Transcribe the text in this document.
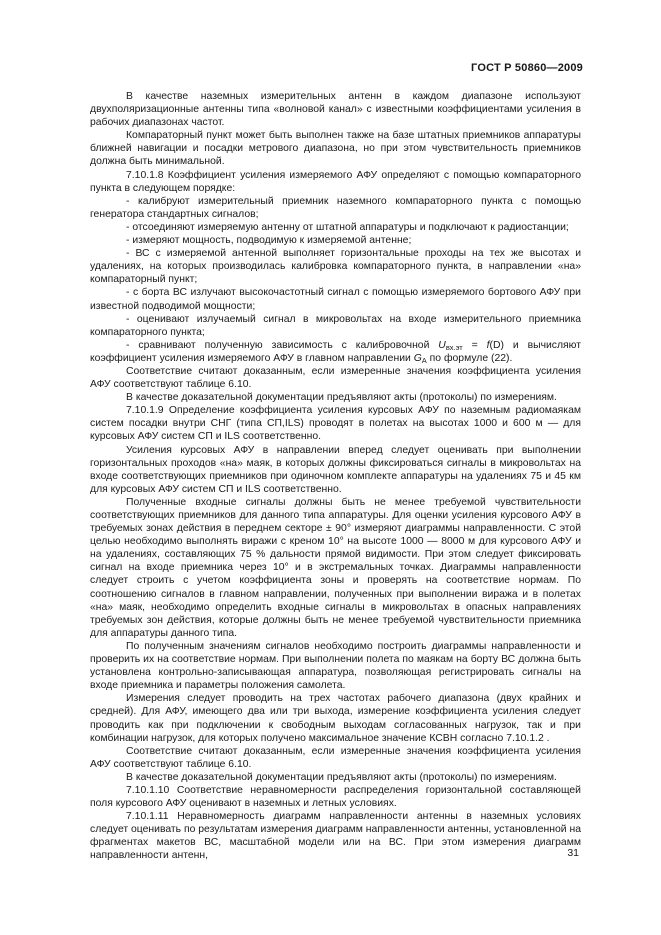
ГОСТ Р 50860—2009

В качестве наземных измерительных антенн в каждом диапазоне используют двухполяризационные антенны типа «волновой канал» с известными коэффициентами усиления в рабочих диапазонах частот.

Компараторный пункт может быть выполнен также на базе штатных приемников аппаратуры ближней навигации и посадки метрового диапазона, но при этом чувствительность приемников должна быть минимальной.

7.10.1.8 Коэффициент усиления измеряемого АФУ определяют с помощью компараторного пункта в следующем порядке:

- калибруют измерительный приемник наземного компараторного пункта с помощью генератора стандартных сигналов;

- отсоединяют измеряемую антенну от штатной аппаратуры и подключают к радиостанции;

- измеряют мощность, подводимую к измеряемой антенне;

- ВС с измеряемой антенной выполняет горизонтальные проходы на тех же высотах и удалениях, на которых производилась калибровка компараторного пункта, в направлении «на» компараторный пункт;

- с борта ВС излучают высокочастотный сигнал с помощью измеряемого бортового АФУ при известной подводимой мощности;

- оценивают излучаемый сигнал в микровольтах на входе измерительного приемника компараторного пункта;

- сравнивают полученную зависимость с калибровочной $U_{вх.эт} = f(D)$ и вычисляют коэффициент усиления измеряемого АФУ в главном направлении $G_A$ по формуле (22).

Соответствие считают доказанным, если измеренные значения коэффициента усиления АФУ соответствуют таблице 6.10.

В качестве доказательной документации предъявляют акты (протоколы) по измерениям.

7.10.1.9 Определение коэффициента усиления курсовых АФУ по наземным радиомаякам систем посадки внутри СНГ (типа СП,ILS) проводят в полетах на высотах 1000 и 600 м — для курсовых АФУ систем СП и ILS соответственно.

Усиления курсовых АФУ в направлении вперед следует оценивать при выполнении горизонтальных проходов «на» маяк, в которых должны фиксироваться сигналы в микровольтах на входе соответствующих приемников при одиночном комплекте аппаратуры на удалениях 75 и 45 км для курсовых АФУ систем СП и ILS соответственно.

Полученные входные сигналы должны быть не менее требуемой чувствительности соответствующих приемников для данного типа аппаратуры. Для оценки усиления курсового АФУ в требуемых зонах действия в переднем секторе ± 90° измеряют диаграммы направленности. С этой целью необходимо выполнять виражи с креном 10° на высоте 1000 — 8000 м для курсового АФУ и на удалениях, составляющих 75 % дальности прямой видимости. При этом следует фиксировать сигнал на входе приемника через 10° и в экстремальных точках. Диаграммы направленности следует строить с учетом коэффициента зоны и проверять на соответствие нормам. По соотношению сигналов в главном направлении, полученных при выполнении виража и в полетах «на» маяк, необходимо определить входные сигналы в микровольтах в опасных направлениях требуемых зон действия, которые должны быть не менее требуемой чувствительности приемника для аппаратуры данного типа.

По полученным значениям сигналов необходимо построить диаграммы направленности и проверить их на соответствие нормам. При выполнении полета по маякам на борту ВС должна быть установлена контрольно-записывающая аппаратура, позволяющая регистрировать сигналы на входе приемника и параметры положения самолета.

Измерения следует проводить на трех частотах рабочего диапазона (двух крайних и средней). Для АФУ, имеющего два или три выхода, измерение коэффициента усиления следует проводить как при подключении к свободным выходам согласованных нагрузок, так и при комбинации нагрузок, для которых получено максимальное значение КСВН согласно 7.10.1.2 .

Соответствие считают доказанным, если измеренные значения коэффициента усиления АФУ соответствуют таблице 6.10.

В качестве доказательной документации предъявляют акты (протоколы) по измерениям.

7.10.1.10 Соответствие неравномерности распределения горизонтальной составляющей поля курсового АФУ оценивают в наземных и летных условиях.

7.10.1.11 Неравномерность диаграмм направленности антенны в наземных условиях следует оценивать по результатам измерения диаграмм направленности антенны, установленной на фрагментах макетов ВС, масштабной модели или на ВС. При этом измерения диаграмм направленности антенн,	31
